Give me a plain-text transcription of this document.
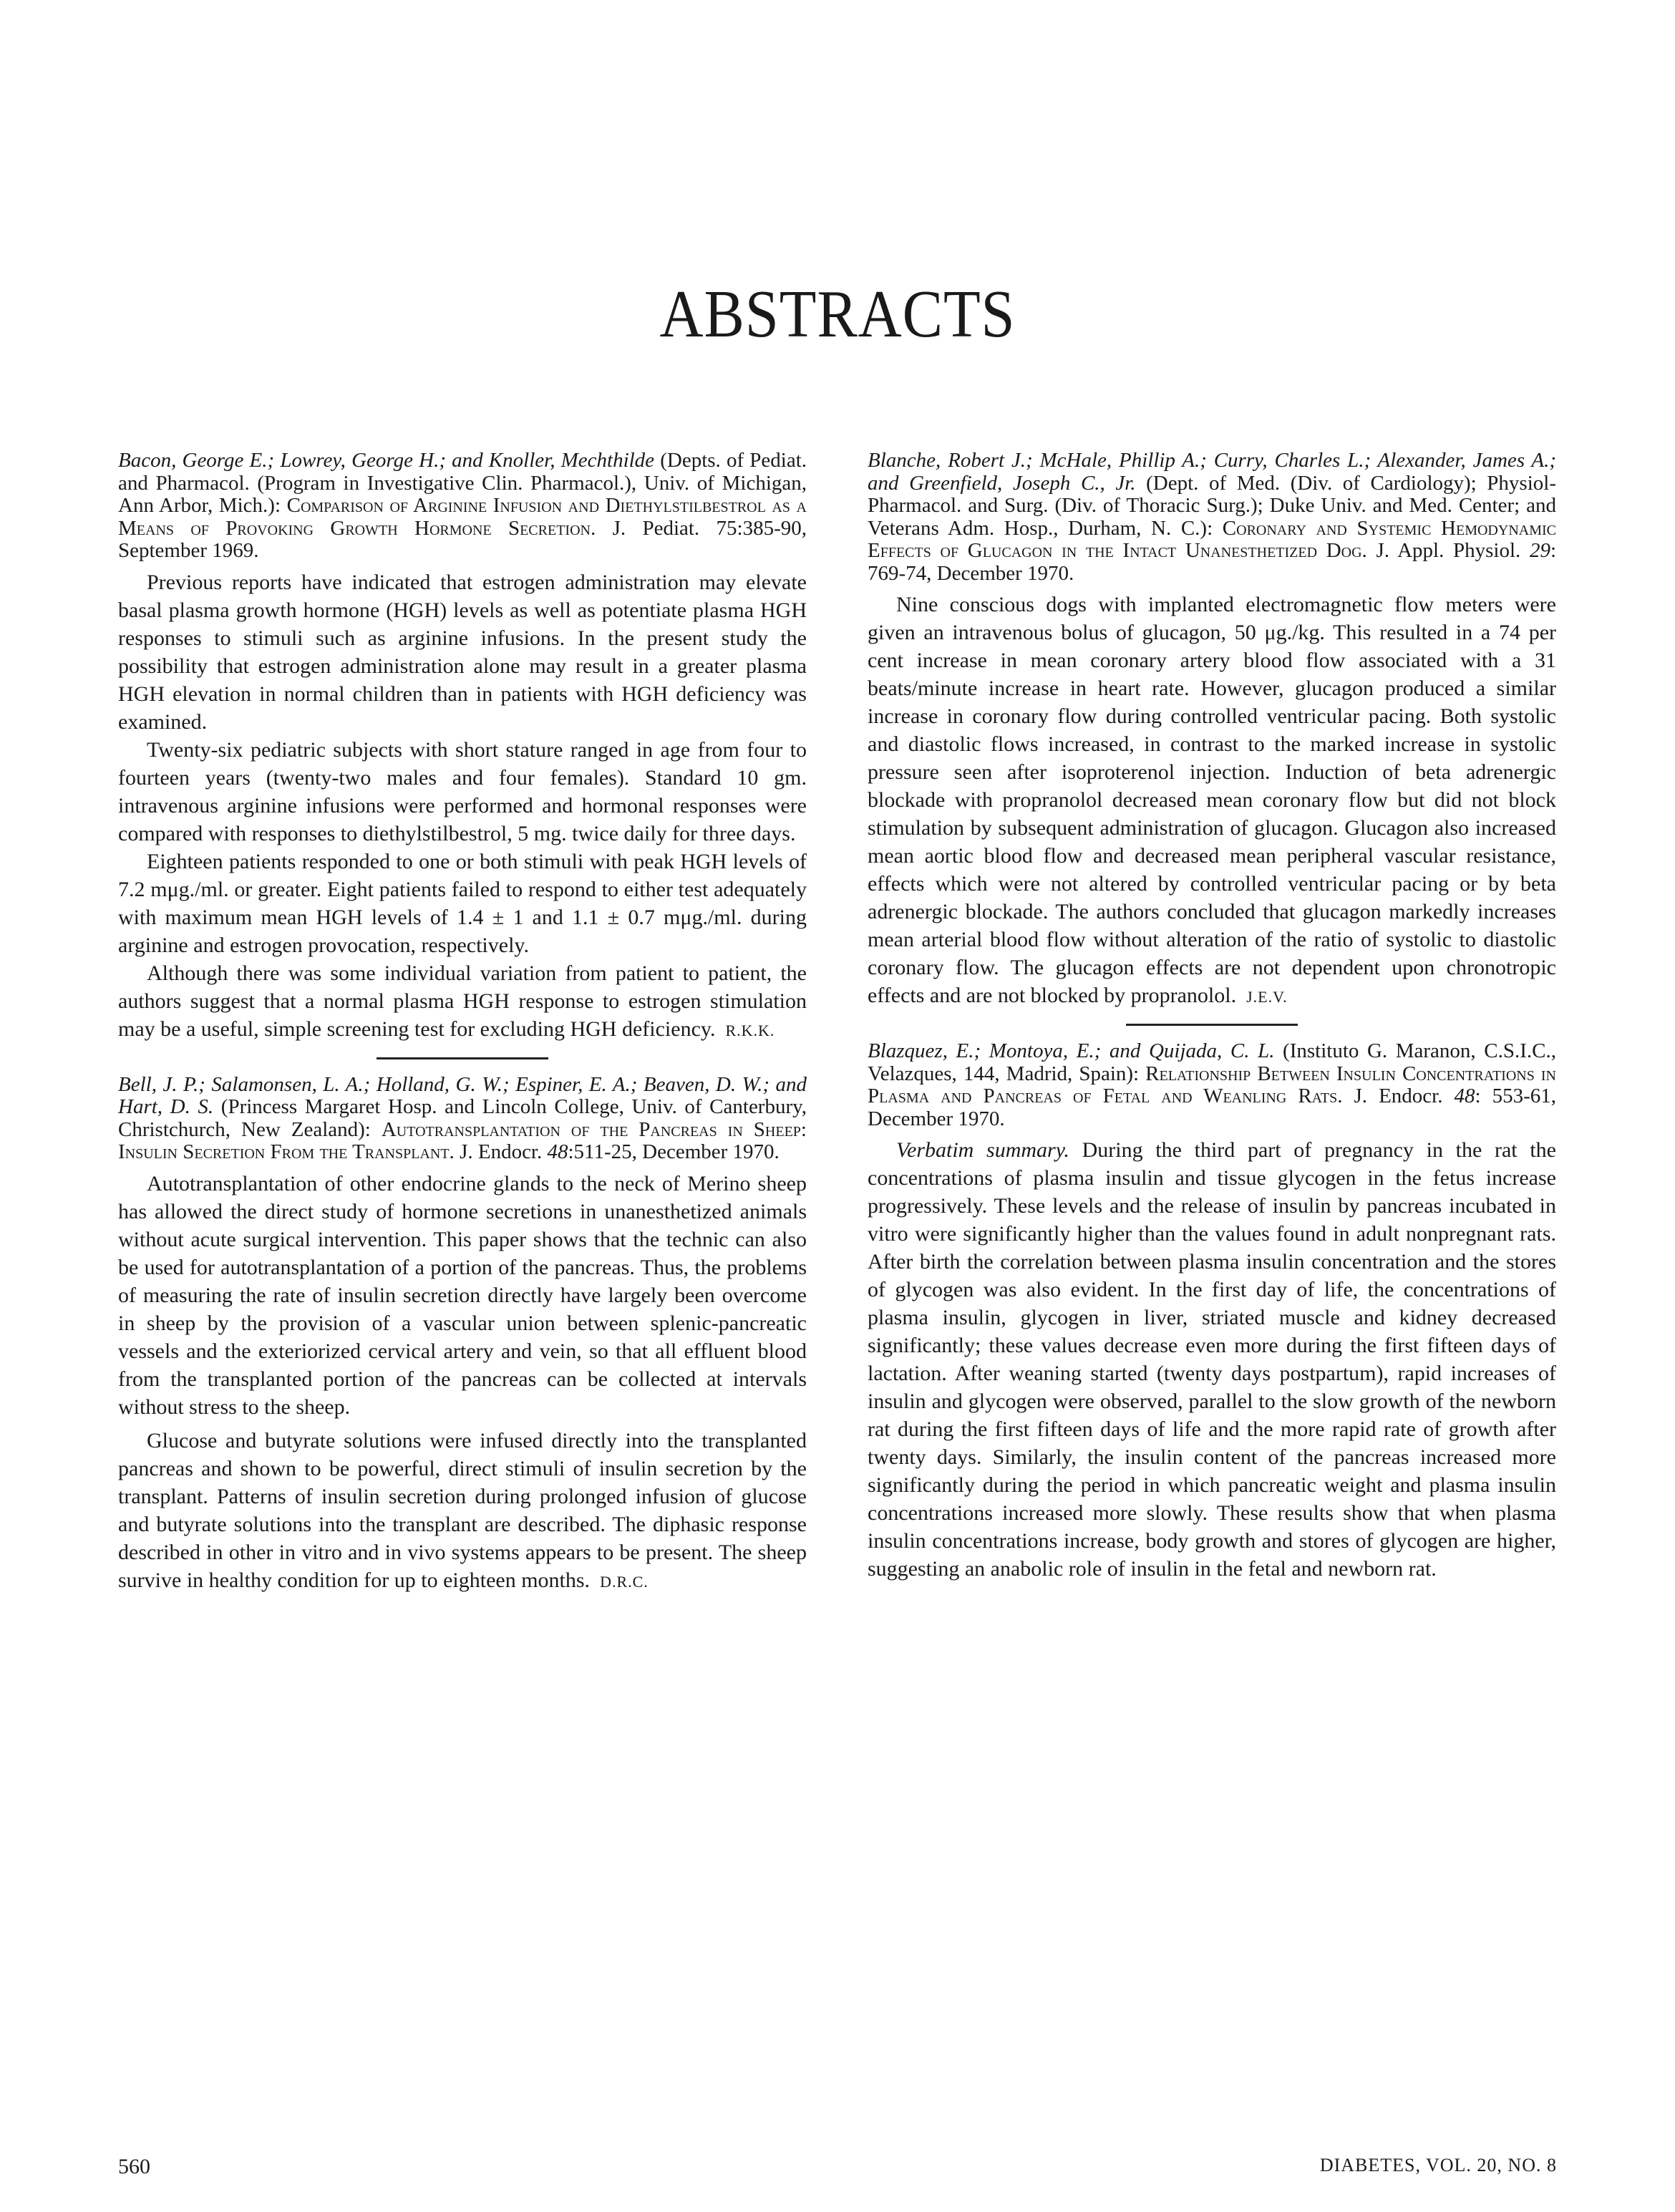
ABSTRACTS
Bacon, George E.; Lowrey, George H.; and Knoller, Mechthilde (Depts. of Pediat. and Pharmacol. (Program in Investigative Clin. Pharmacol.), Univ. of Michigan, Ann Arbor, Mich.): Comparison of Arginine Infusion and Diethylstilbestrol as a Means of Provoking Growth Hormone Secretion. J. Pediat. 75:385-90, September 1969.

Previous reports have indicated that estrogen administration may elevate basal plasma growth hormone (HGH) levels as well as potentiate plasma HGH responses to stimuli such as arginine infusions. In the present study the possibility that estrogen administration alone may result in a greater plasma HGH elevation in normal children than in patients with HGH deficiency was examined.

Twenty-six pediatric subjects with short stature ranged in age from four to fourteen years (twenty-two males and four females). Standard 10 gm. intravenous arginine infusions were performed and hormonal responses were compared with responses to diethylstilbestrol, 5 mg. twice daily for three days.

Eighteen patients responded to one or both stimuli with peak HGH levels of 7.2 mμg./ml. or greater. Eight patients failed to respond to either test adequately with maximum mean HGH levels of 1.4 ± 1 and 1.1 ± 0.7 mμg./ml. during arginine and estrogen provocation, respectively.

Although there was some individual variation from patient to patient, the authors suggest that a normal plasma HGH response to estrogen stimulation may be a useful, simple screening test for excluding HGH deficiency. R.K.K.

Bell, J. P.; Salamonsen, L. A.; Holland, G. W.; Espiner, E. A.; Beaven, D. W.; and Hart, D. S. (Princess Margaret Hosp. and Lincoln College, Univ. of Canterbury, Christchurch, New Zealand): Autotransplantation of the Pancreas in Sheep: Insulin Secretion From the Transplant. J. Endocr. 48:511-25, December 1970.

Autotransplantation of other endocrine glands to the neck of Merino sheep has allowed the direct study of hormone secretions in unanesthetized animals without acute surgical intervention. This paper shows that the technic can also be used for autotransplantation of a portion of the pancreas. Thus, the problems of measuring the rate of insulin secretion directly have largely been overcome in sheep by the provision of a vascular union between splenic-pancreatic vessels and the exteriorized cervical artery and vein, so that all effluent blood from the transplanted portion of the pancreas can be collected at intervals without stress to the sheep.

Glucose and butyrate solutions were infused directly into the transplanted pancreas and shown to be powerful, direct stimuli of insulin secretion by the transplant. Patterns of insulin secretion during prolonged infusion of glucose and butyrate solutions into the transplant are described. The diphasic response described in other in vitro and in vivo systems appears to be present. The sheep survive in healthy condition for up to eighteen months. D.R.C.

Blanche, Robert J.; McHale, Phillip A.; Curry, Charles L.; Alexander, James A.; and Greenfield, Joseph C., Jr. (Dept. of Med. (Div. of Cardiology); Physiol-Pharmacol. and Surg. (Div. of Thoracic Surg.); Duke Univ. and Med. Center; and Veterans Adm. Hosp., Durham, N. C.): Coronary and Systemic Hemodynamic Effects of Glucagon in the Intact Unanesthetized Dog. J. Appl. Physiol. 29: 769-74, December 1970.

Nine conscious dogs with implanted electromagnetic flow meters were given an intravenous bolus of glucagon, 50 μg./kg. This resulted in a 74 per cent increase in mean coronary artery blood flow associated with a 31 beats/minute increase in heart rate. However, glucagon produced a similar increase in coronary flow during controlled ventricular pacing. Both systolic and diastolic flows increased, in contrast to the marked increase in systolic pressure seen after isoproterenol injection. Induction of beta adrenergic blockade with propranolol decreased mean coronary flow but did not block stimulation by subsequent administration of glucagon. Glucagon also increased mean aortic blood flow and decreased mean peripheral vascular resistance, effects which were not altered by controlled ventricular pacing or by beta adrenergic blockade. The authors concluded that glucagon markedly increases mean arterial blood flow without alteration of the ratio of systolic to diastolic coronary flow. The glucagon effects are not dependent upon chronotropic effects and are not blocked by propranolol. J.E.V.

Blazquez, E.; Montoya, E.; and Quijada, C. L. (Instituto G. Maranon, C.S.I.C., Velazques, 144, Madrid, Spain): Relationship Between Insulin Concentrations in Plasma and Pancreas of Fetal and Weanling Rats. J. Endocr. 48: 553-61, December 1970.

Verbatim summary. During the third part of pregnancy in the rat the concentrations of plasma insulin and tissue glycogen in the fetus increase progressively. These levels and the release of insulin by pancreas incubated in vitro were significantly higher than the values found in adult nonpregnant rats. After birth the correlation between plasma insulin concentration and the stores of glycogen was also evident. In the first day of life, the concentrations of plasma insulin, glycogen in liver, striated muscle and kidney decreased significantly; these values decrease even more during the first fifteen days of lactation. After weaning started (twenty days postpartum), rapid increases of insulin and glycogen were observed, parallel to the slow growth of the newborn rat during the first fifteen days of life and the more rapid rate of growth after twenty days. Similarly, the insulin content of the pancreas increased more significantly during the period in which pancreatic weight and plasma insulin concentrations increased more slowly. These results show that when plasma insulin concentrations increase, body growth and stores of glycogen are higher, suggesting an anabolic role of insulin in the fetal and newborn rat.

560	DIABETES, VOL. 20, NO. 8
